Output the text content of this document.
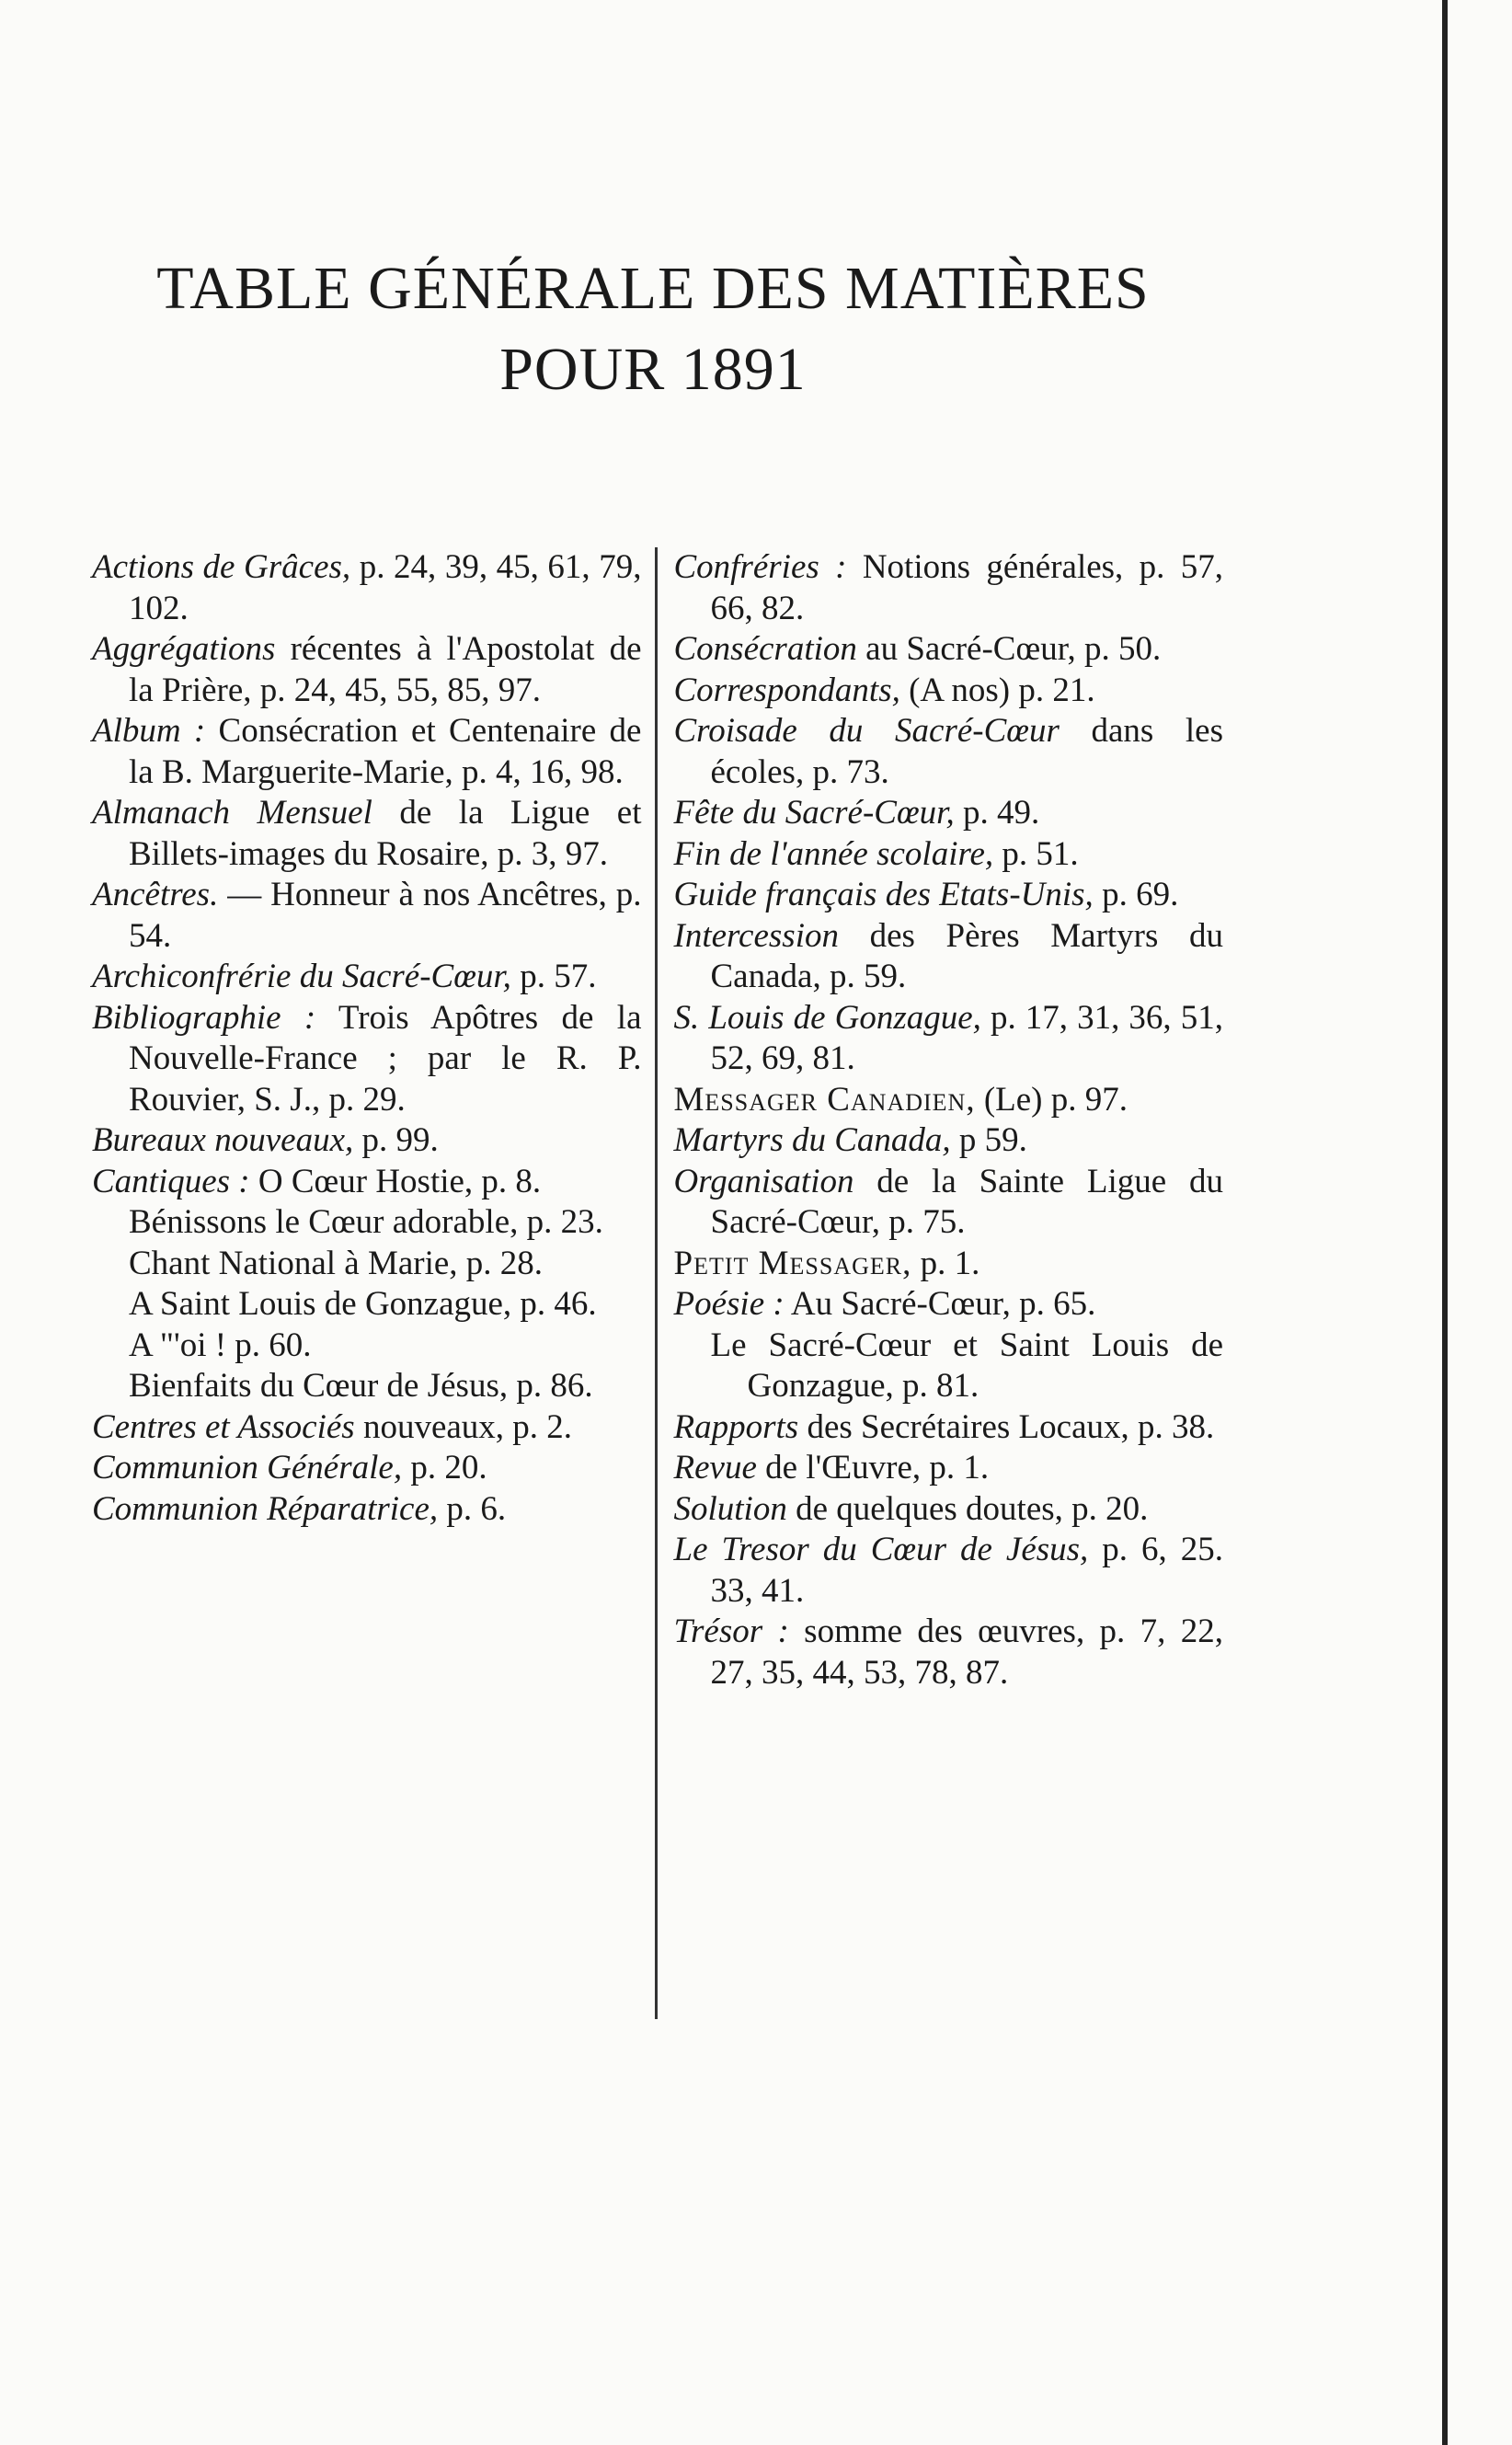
TABLE GÉNÉRALE DES MATIÈRES
POUR 1891

Actions de Grâces, p. 24, 39, 45, 61, 79, 102.

Aggrégations récentes à l'Apostolat de la Prière, p. 24, 45, 55, 85, 97.

Album : Consécration et Centenaire de la B. Marguerite-Marie, p. 4, 16, 98.

Almanach Mensuel de la Ligue et Billets-images du Rosaire, p. 3, 97.

Ancêtres. — Honneur à nos Ancêtres, p. 54.

Archiconfrérie du Sacré-Cœur, p. 57.

Bibliographie : Trois Apôtres de la Nouvelle-France ; par le R. P. Rouvier, S. J., p. 29.

Bureaux nouveaux, p. 99.

Cantiques : O Cœur Hostie, p. 8.

Bénissons le Cœur adorable, p. 23.

Chant National à Marie, p. 28.

A Saint Louis de Gonzague, p. 46.

A "'oi ! p. 60.

Bienfaits du Cœur de Jésus, p. 86.

Centres et Associés nouveaux, p. 2.

Communion Générale, p. 20.

Communion Réparatrice, p. 6.

Confréries : Notions générales, p. 57, 66, 82.

Consécration au Sacré-Cœur, p. 50.

Correspondants, (A nos) p. 21.

Croisade du Sacré-Cœur dans les écoles, p. 73.

Fête du Sacré-Cœur, p. 49.

Fin de l'année scolaire, p. 51.

Guide français des Etats-Unis, p. 69.

Intercession des Pères Martyrs du Canada, p. 59.

S. Louis de Gonzague, p. 17, 31, 36, 51, 52, 69, 81.

Messager Canadien, (Le) p. 97.

Martyrs du Canada, p 59.

Organisation de la Sainte Ligue du Sacré-Cœur, p. 75.

Petit Messager, p. 1.

Poésie : Au Sacré-Cœur, p. 65.

Le Sacré-Cœur et Saint Louis de Gonzague, p. 81.

Rapports des Secrétaires Locaux, p. 38.

Revue de l'Œuvre, p. 1.

Solution de quelques doutes, p. 20.

Le Tresor du Cœur de Jésus, p. 6, 25. 33, 41.

Trésor : somme des œuvres, p. 7, 22, 27, 35, 44, 53, 78, 87.
